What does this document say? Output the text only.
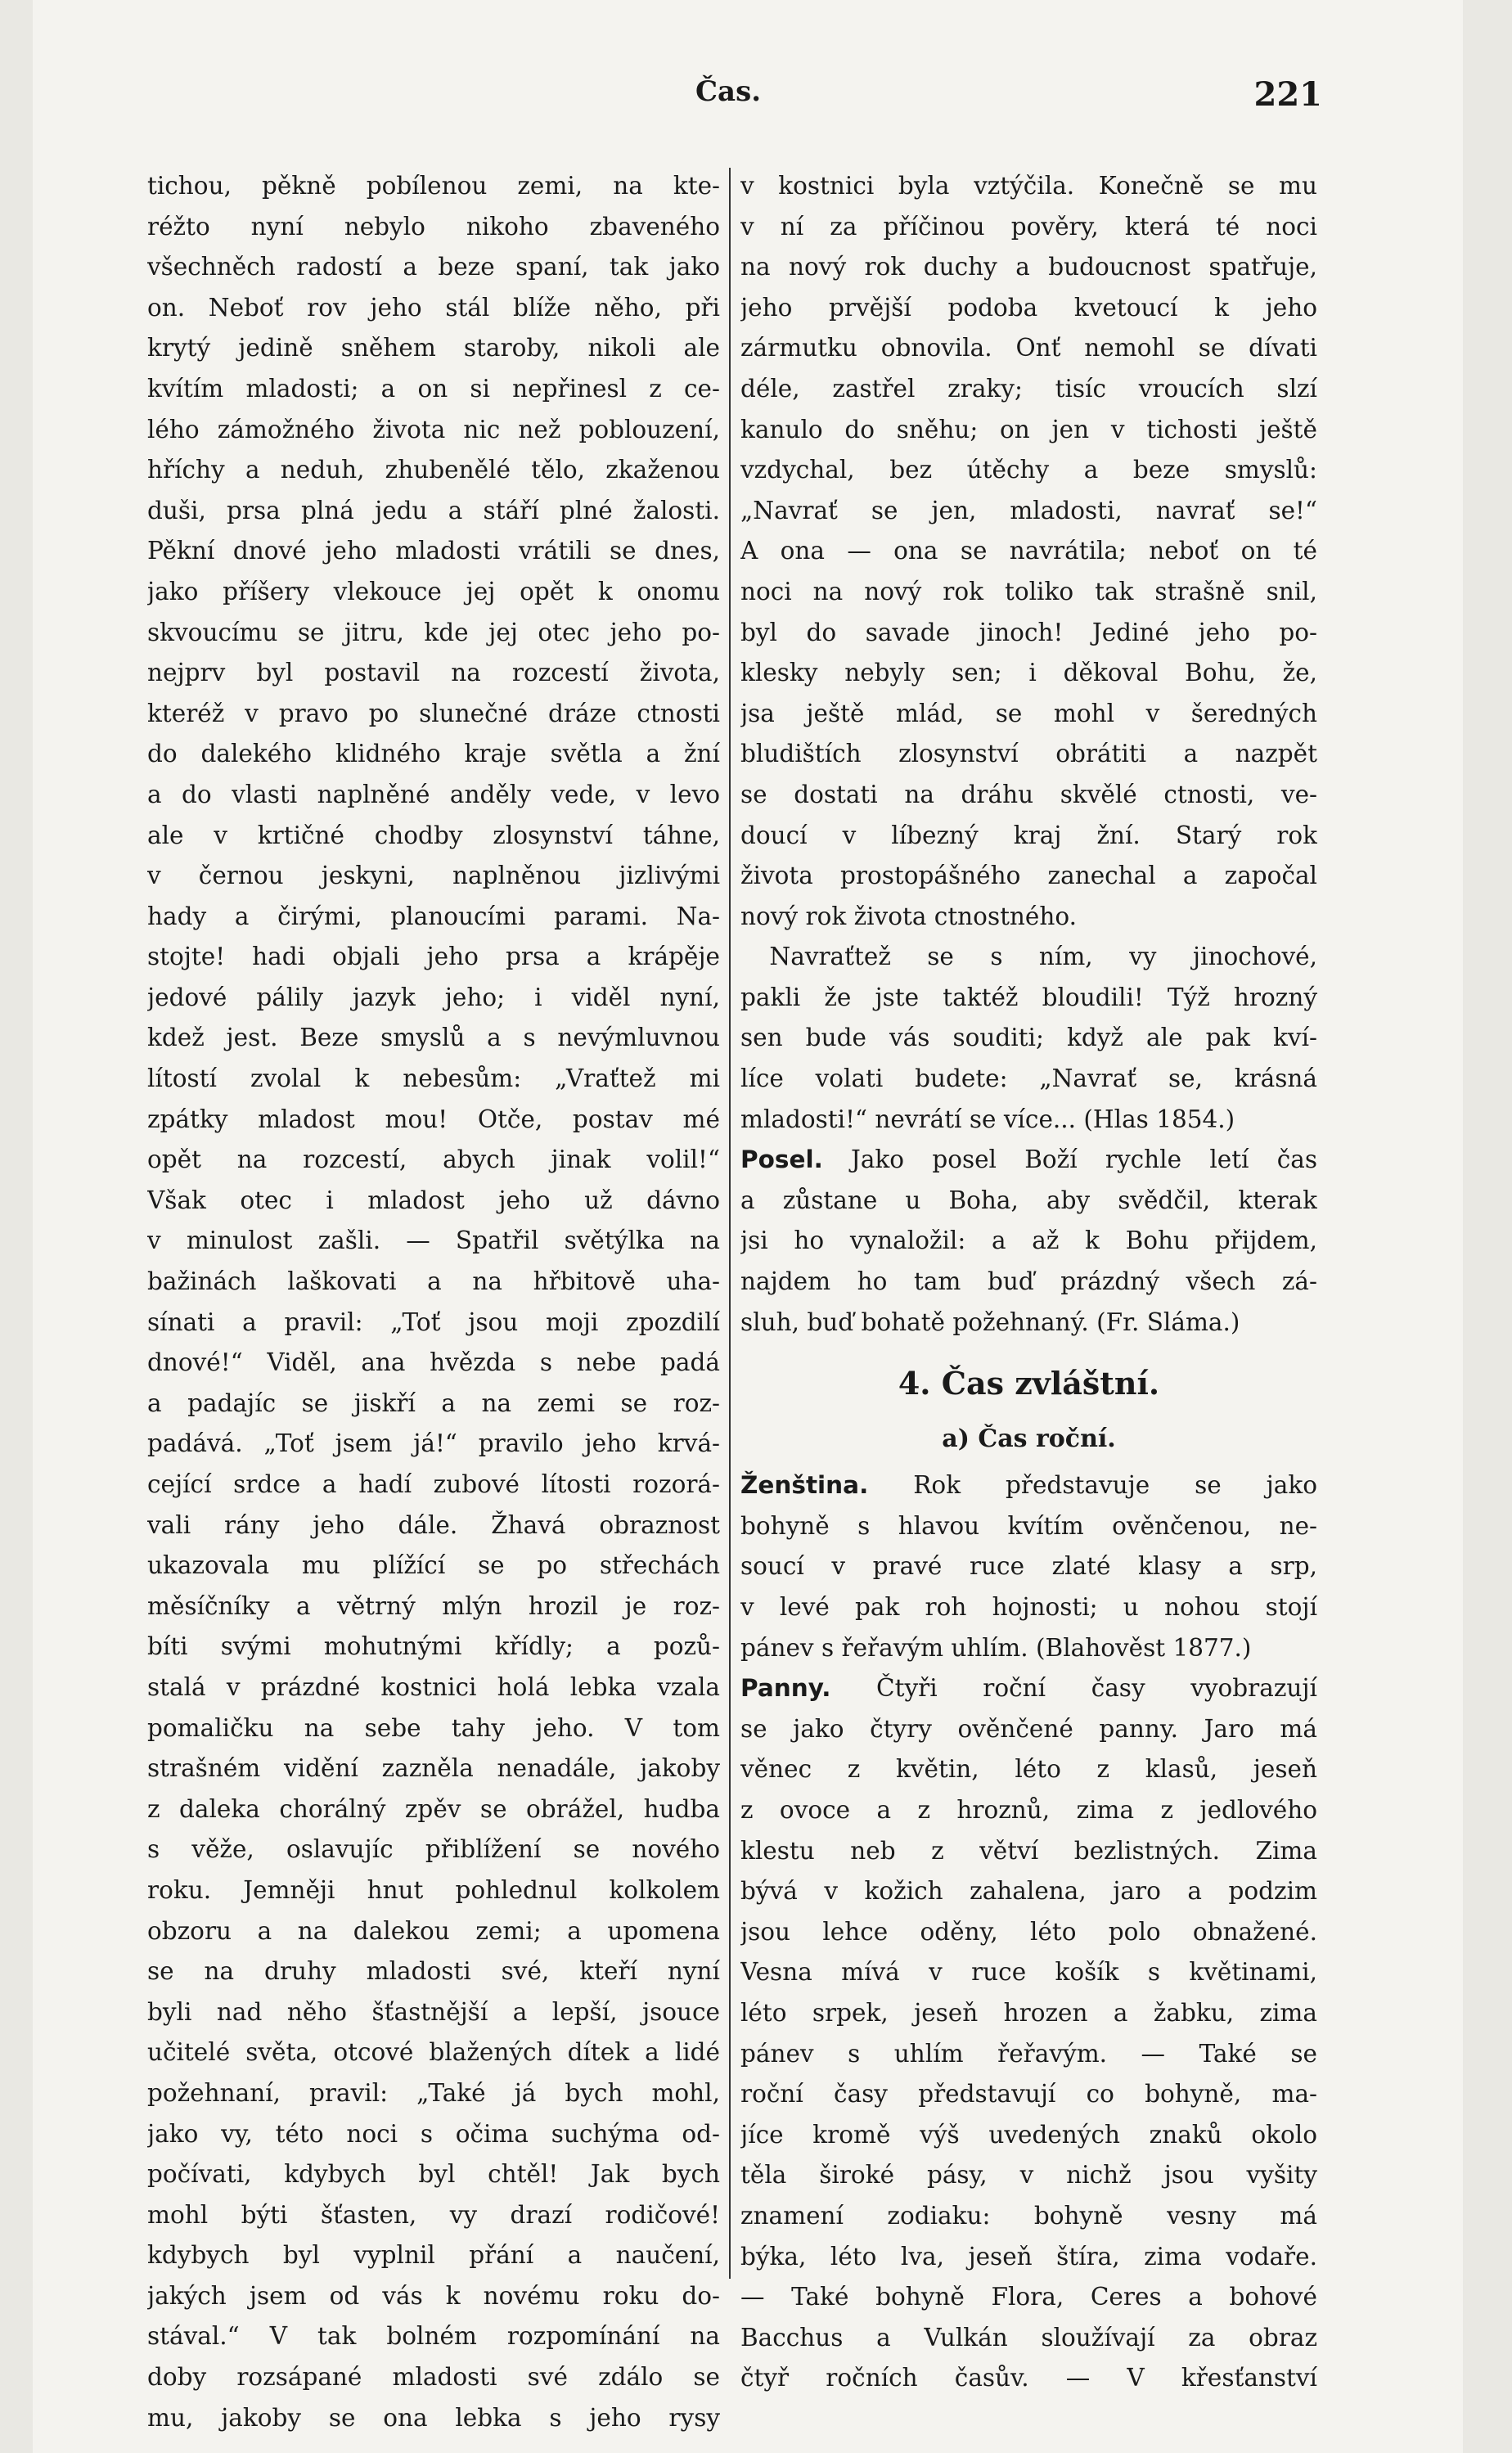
Čas.	221
tichou, pěkně pobílenou zemi, na kte-
réžto nyní nebylo nikoho zbaveného
všechněch radostí a beze spaní, tak jako
on. Neboť rov jeho stál blíže něho, při
krytý jedině sněhem staroby, nikoli ale
kvítím mladosti; a on si nepřinesl z ce-
lého zámožného života nic než poblouzení,
hříchy a neduh, zhubenělé tělo, zkaženou
duši, prsa plná jedu a stáří plné žalosti.
Pěkní dnové jeho mladosti vrátili se dnes,
jako příšery vlekouce jej opět k onomu
skvoucímu se jitru, kde jej otec jeho po-
nejprv byl postavil na rozcestí života,
kteréž v pravo po slunečné dráze ctnosti
do dalekého klidného kraje světla a žní
a do vlasti naplněné anděly vede, v levo
ale v krtičné chodby zlosynství táhne,
v černou jeskyni, naplněnou jizlivými
hady a čirými, planoucími parami. Na-
stojte! hadi objali jeho prsa a krápěje
jedové pálily jazyk jeho; i viděl nyní,
kdež jest. Beze smyslů a s nevýmluvnou
lítostí zvolal k nebesům: „Vraťtež mi
zpátky mladost mou! Otče, postav mé
opět na rozcestí, abych jinak volil!“
Však otec i mladost jeho už dávno
v minulost zašli. — Spatřil světýlka na
bažinách laškovati a na hřbitově uha-
sínati a pravil: „Toť jsou moji zpozdilí
dnové!“ Viděl, ana hvězda s nebe padá
a padajíc se jiskří a na zemi se roz-
padává. „Toť jsem já!“ pravilo jeho krvá-
cející srdce a hadí zubové lítosti rozorá-
vali rány jeho dále. Žhavá obraznost
ukazovala mu plížící se po střechách
měsíčníky a větrný mlýn hrozil je roz-
bíti svými mohutnými křídly; a pozů-
stalá v prázdné kostnici holá lebka vzala
pomaličku na sebe tahy jeho. V tom
strašném vidění zazněla nenadále, jakoby
z daleka chorálný zpěv se obrážel, hudba
s věže, oslavujíc přiblížení se nového
roku. Jemněji hnut pohlednul kolkolem
obzoru a na dalekou zemi; a upomena
se na druhy mladosti své, kteří nyní
byli nad něho šťastnější a lepší, jsouce
učitelé světa, otcové blažených dítek a lidé
požehnaní, pravil: „Také já bych mohl,
jako vy, této noci s očima suchýma od-
počívati, kdybych byl chtěl! Jak bych
mohl býti šťasten, vy drazí rodičové!
kdybych byl vyplnil přání a naučení,
jakých jsem od vás k novému roku do-
stával.“ V tak bolném rozpomínání na
doby rozsápané mladosti své zdálo se
mu, jakoby se ona lebka s jeho rysy
v kostnici byla vztýčila. Konečně se mu
v ní za příčinou pověry, která té noci
na nový rok duchy a budoucnost spatřuje,
jeho prvější podoba kvetoucí k jeho
zármutku obnovila. Onť nemohl se dívati
déle, zastřel zraky; tisíc vroucích slzí
kanulo do sněhu; on jen v tichosti ještě
vzdychal, bez útěchy a beze smyslů:
„Navrať se jen, mladosti, navrať se!“
A ona — ona se navrátila; neboť on té
noci na nový rok toliko tak strašně snil,
byl do savade jinoch! Jediné jeho po-
klesky nebyly sen; i děkoval Bohu, že,
jsa ještě mlád, se mohl v šeredných
bludištích zlosynství obrátiti a nazpět
se dostati na dráhu skvělé ctnosti, ve-
doucí v líbezný kraj žní. Starý rok
života prostopášného zanechal a započal
nový rok života ctnostného.
Navraťtež se s ním, vy jinochové,
pakli že jste taktéž bloudili! Týž hrozný
sen bude vás souditi; když ale pak kví-
líce volati budete: „Navrať se, krásná
mladosti!“ nevrátí se více... (Hlas 1854.)
Posel. Jako posel Boží rychle letí čas
a zůstane u Boha, aby svědčil, kterak
jsi ho vynaložil: a až k Bohu přijdem,
najdem ho tam buď prázdný všech zá-
sluh, buď bohatě požehnaný. (Fr. Sláma.)
4. Čas zvláštní.
a) Čas roční.
Ženština. Rok představuje se jako
bohyně s hlavou kvítím ověnčenou, ne-
soucí v pravé ruce zlaté klasy a srp,
v levé pak roh hojnosti; u nohou stojí
pánev s řeřavým uhlím. (Blahověst 1877.)
Panny. Čtyři roční časy vyobrazují
se jako čtyry ověnčené panny. Jaro má
věnec z květin, léto z klasů, jeseň
z ovoce a z hroznů, zima z jedlového
klestu neb z větví bezlistných. Zima
bývá v kožich zahalena, jaro a podzim
jsou lehce oděny, léto polo obnažené.
Vesna mívá v ruce košík s květinami,
léto srpek, jeseň hrozen a žabku, zima
pánev s uhlím řeřavým. — Také se
roční časy představují co bohyně, ma-
jíce kromě výš uvedených znaků okolo
těla široké pásy, v nichž jsou vyšity
znamení zodiaku: bohyně vesny má
býka, léto lva, jeseň štíra, zima vodaře.
— Také bohyně Flora, Ceres a bohové
Bacchus a Vulkán sloužívají za obraz
čtyř ročních časův. — V křesťanství
